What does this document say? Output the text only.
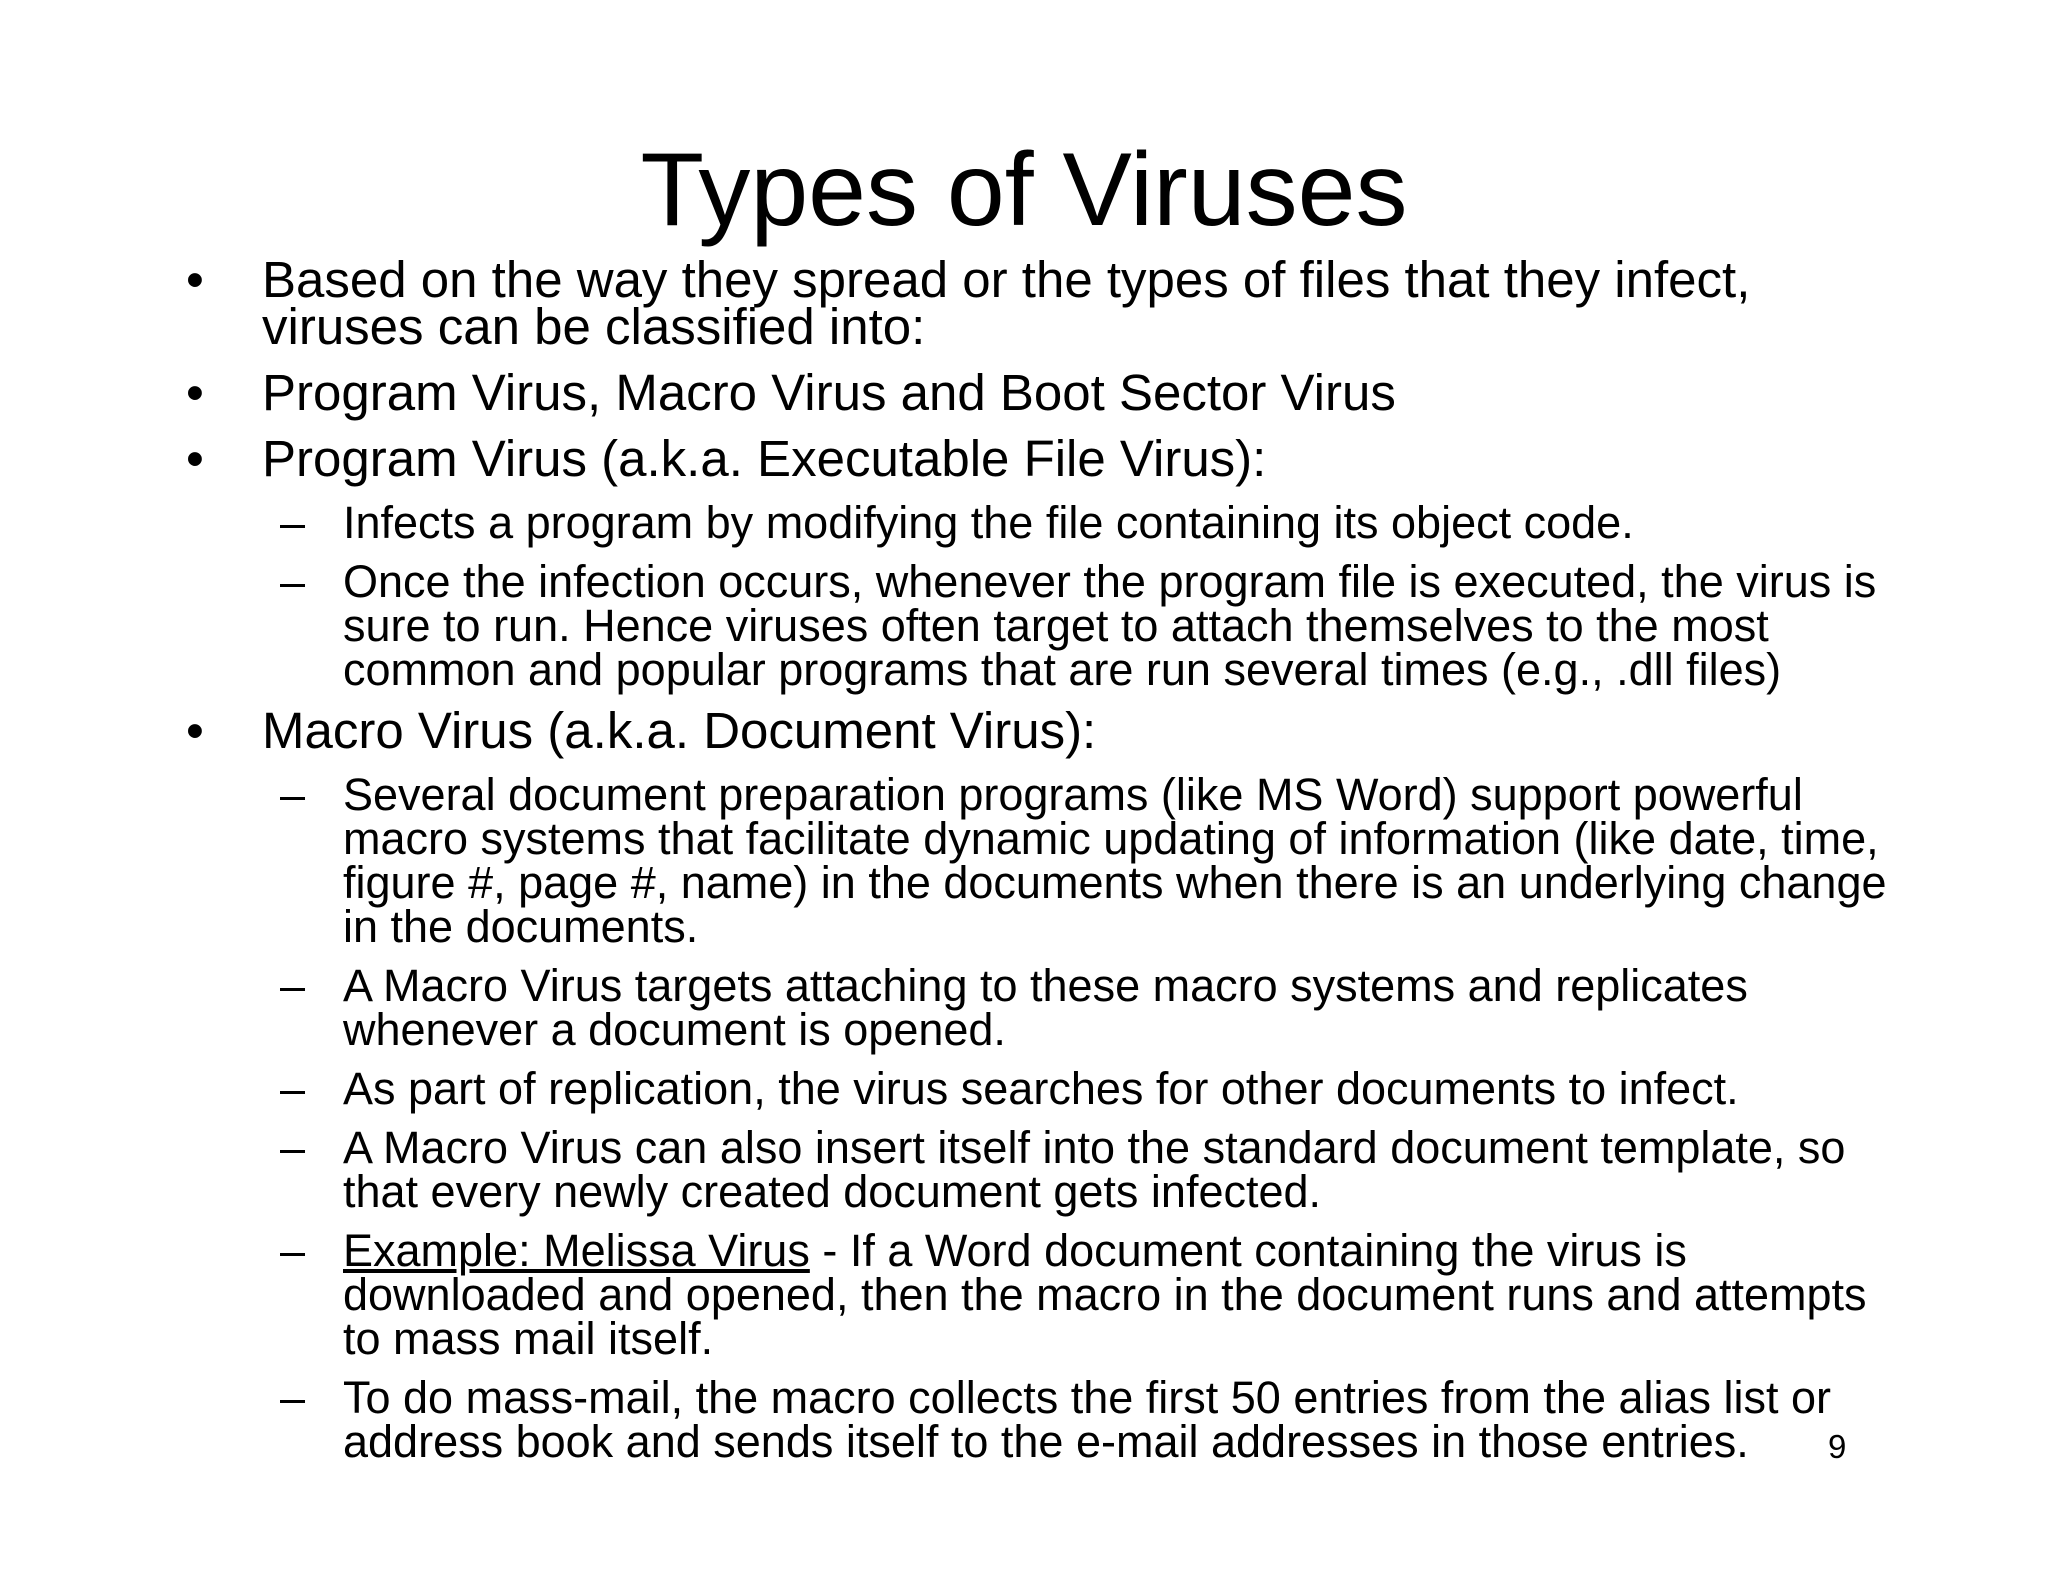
Types of Viruses
• Based on the way they spread or the types of files that they infect, viruses can be classified into:
• Program Virus, Macro Virus and Boot Sector Virus
• Program Virus (a.k.a. Executable File Virus):
– Infects a program by modifying the file containing its object code.
– Once the infection occurs, whenever the program file is executed, the virus is sure to run. Hence viruses often target to attach themselves to the most common and popular programs that are run several times (e.g., .dll files)
• Macro Virus (a.k.a. Document Virus):
– Several document preparation programs (like MS Word) support powerful macro systems that facilitate dynamic updating of information (like date, time, figure #, page #, name) in the documents when there is an underlying change in the documents.
– A Macro Virus targets attaching to these macro systems and replicates whenever a document is opened.
– As part of replication, the virus searches for other documents to infect.
– A Macro Virus can also insert itself into the standard document template, so that every newly created document gets infected.
– Example: Melissa Virus - If a Word document containing the virus is downloaded and opened, then the macro in the document runs and attempts to mass mail itself.
– To do mass-mail, the macro collects the first 50 entries from the alias list or address book and sends itself to the e-mail addresses in those entries.	9
